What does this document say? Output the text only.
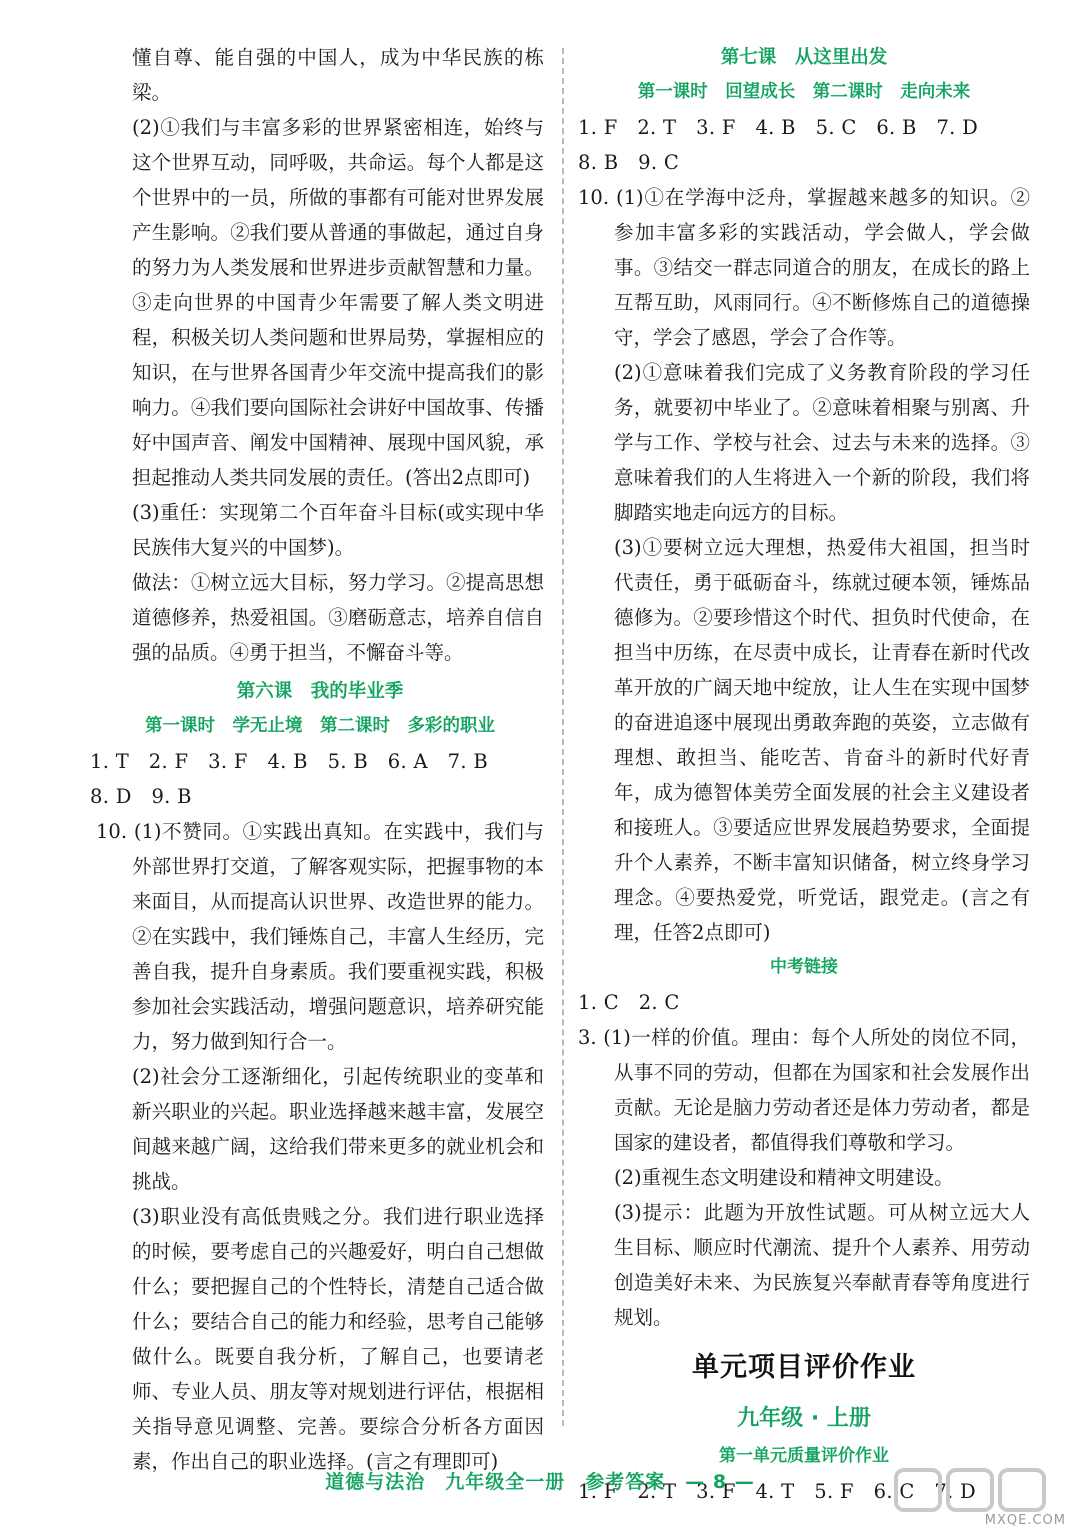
懂自尊、能自强的中国人，成为中华民族的栋梁。

(2)①我们与丰富多彩的世界紧密相连，始终与这个世界互动，同呼吸，共命运。每个人都是这个世界中的一员，所做的事都有可能对世界发展产生影响。②我们要从普通的事做起，通过自身的努力为人类发展和世界进步贡献智慧和力量。③走向世界的中国青少年需要了解人类文明进程，积极关切人类问题和世界局势，掌握相应的知识，在与世界各国青少年交流中提高我们的影响力。④我们要向国际社会讲好中国故事、传播好中国声音、阐发中国精神、展现中国风貌，承担起推动人类共同发展的责任。(答出2点即可)

(3)重任：实现第二个百年奋斗目标(或实现中华民族伟大复兴的中国梦)。

做法：①树立远大目标，努力学习。②提高思想道德修养，热爱祖国。③磨砺意志，培养自信自强的品质。④勇于担当，不懈奋斗等。

第六课　我的毕业季

第一课时　学无止境　第二课时　多彩的职业

1. T　2. F　3. F　4. B　5. B　6. A　7. B

8. D　9. B

10. (1)不赞同。①实践出真知。在实践中，我们与外部世界打交道，了解客观实际，把握事物的本来面目，从而提高认识世界、改造世界的能力。②在实践中，我们锤炼自己，丰富人生经历，完善自我，提升自身素质。我们要重视实践，积极参加社会实践活动，增强问题意识，培养研究能力，努力做到知行合一。

(2)社会分工逐渐细化，引起传统职业的变革和新兴职业的兴起。职业选择越来越丰富，发展空间越来越广阔，这给我们带来更多的就业机会和挑战。

(3)职业没有高低贵贱之分。我们进行职业选择的时候，要考虑自己的兴趣爱好，明白自己想做什么；要把握自己的个性特长，清楚自己适合做什么；要结合自己的能力和经验，思考自己能够做什么。既要自我分析，了解自己，也要请老师、专业人员、朋友等对规划进行评估，根据相关指导意见调整、完善。要综合分析各方面因素，作出自己的职业选择。(言之有理即可)

第七课　从这里出发

第一课时　回望成长　第二课时　走向未来

1. F　2. T　3. F　4. B　5. C　6. B　7. D

8. B　9. C

10. (1)①在学海中泛舟，掌握越来越多的知识。②参加丰富多彩的实践活动，学会做人，学会做事。③结交一群志同道合的朋友，在成长的路上互帮互助，风雨同行。④不断修炼自己的道德操守，学会了感恩，学会了合作等。

(2)①意味着我们完成了义务教育阶段的学习任务，就要初中毕业了。②意味着相聚与别离、升学与工作、学校与社会、过去与未来的选择。③意味着我们的人生将进入一个新的阶段，我们将脚踏实地走向远方的目标。

(3)①要树立远大理想，热爱伟大祖国，担当时代责任，勇于砥砺奋斗，练就过硬本领，锤炼品德修为。②要珍惜这个时代、担负时代使命，在担当中历练，在尽责中成长，让青春在新时代改革开放的广阔天地中绽放，让人生在实现中国梦的奋进追逐中展现出勇敢奔跑的英姿，立志做有理想、敢担当、能吃苦、肯奋斗的新时代好青年，成为德智体美劳全面发展的社会主义建设者和接班人。③要适应世界发展趋势要求，全面提升个人素养，不断丰富知识储备，树立终身学习理念。④要热爱党，听党话，跟党走。(言之有理，任答2点即可)

中考链接

1. C　2. C

3. (1)一样的价值。理由：每个人所处的岗位不同，从事不同的劳动，但都在为国家和社会发展作出贡献。无论是脑力劳动者还是体力劳动者，都是国家的建设者，都值得我们尊敬和学习。

(2)重视生态文明建设和精神文明建设。

(3)提示：此题为开放性试题。可从树立远大人生目标、顺应时代潮流、提升个人素养、用劳动创造美好未来、为民族复兴奉献青春等角度进行规划。

单元项目评价作业

九年级 · 上册

第一单元质量评价作业

1. F　2. T　3. F　4. T　5. F　6. C　7. D

道德与法治　九年级全一册　参考答案　— 8 —
MXQE.COM
